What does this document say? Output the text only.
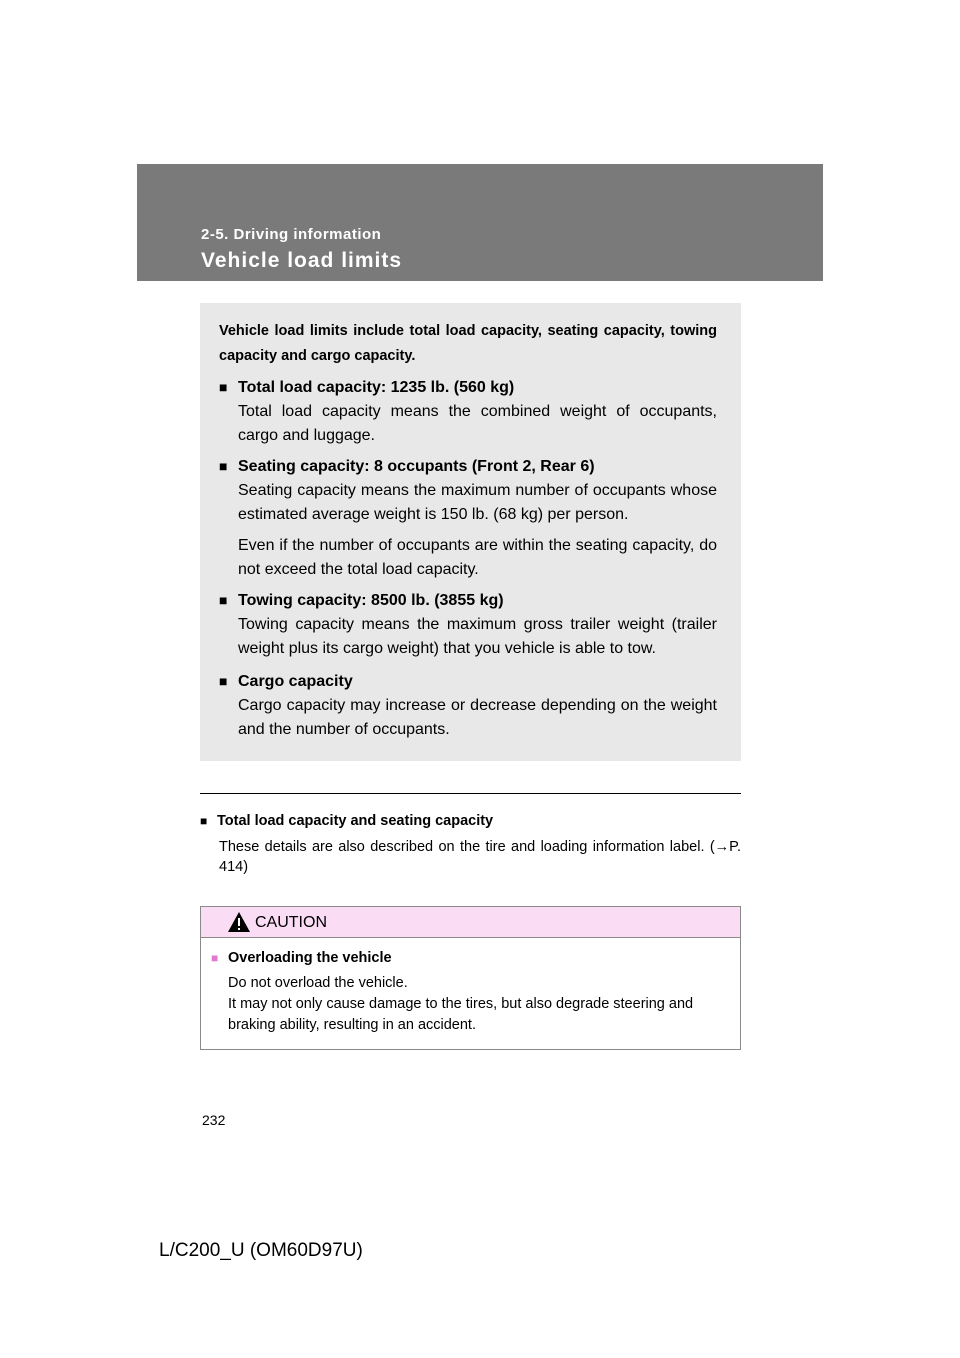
2-5. Driving information
Vehicle load limits
Vehicle load limits include total load capacity, seating capacity, towing capacity and cargo capacity.
■ Total load capacity: 1235 lb. (560 kg)
Total load capacity means the combined weight of occupants, cargo and luggage.
■ Seating capacity: 8 occupants (Front 2, Rear 6)
Seating capacity means the maximum number of occupants whose estimated average weight is 150 lb. (68 kg) per person.
Even if the number of occupants are within the seating capacity, do not exceed the total load capacity.
■ Towing capacity: 8500 lb. (3855 kg)
Towing capacity means the maximum gross trailer weight (trailer weight plus its cargo weight) that you vehicle is able to tow.
■ Cargo capacity
Cargo capacity may increase or decrease depending on the weight and the number of occupants.
■ Total load capacity and seating capacity
These details are also described on the tire and loading information label. (→P. 414)
CAUTION
■ Overloading the vehicle
Do not overload the vehicle.
It may not only cause damage to the tires, but also degrade steering and braking ability, resulting in an accident.
232
L/C200_U (OM60D97U)
